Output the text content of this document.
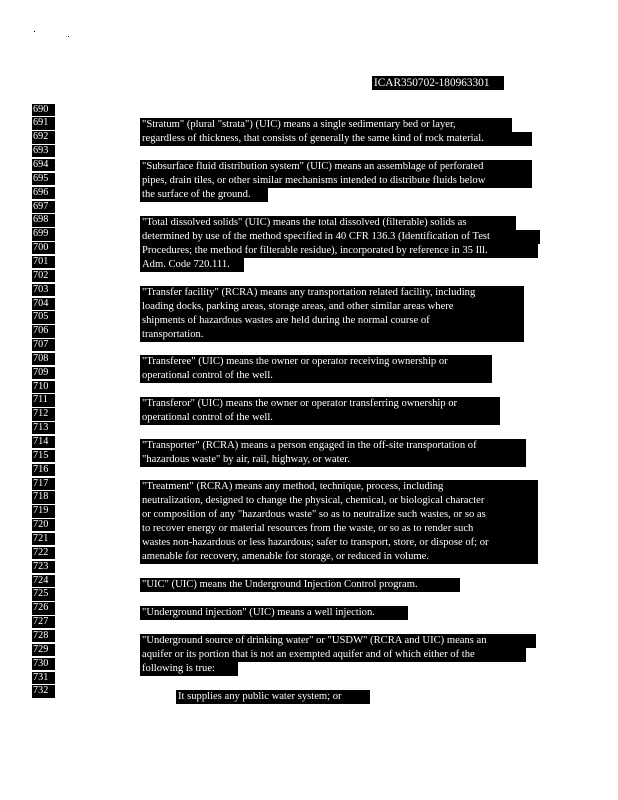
ICAR350702-180963301
690
691
692
693
694
695
696
697
698
699
700
701
702
703
704
705
706
707
708
709
710
711
712
713
714
715
716
717
718
719
720
721
722
723
724
725
726
727
728
729
730
731
732
"Stratum" (plural "strata") (UIC) means a single sedimentary bed or layer,
regardless of thickness, that consists of generally the same kind of rock material.
"Subsurface fluid distribution system" (UIC) means an assemblage of perforated
pipes, drain tiles, or other similar mechanisms intended to distribute fluids below
the surface of the ground.
"Total dissolved solids" (UIC) means the total dissolved (filterable) solids as
determined by use of the method specified in 40 CFR 136.3 (Identification of Test
Procedures; the method for filterable residue), incorporated by reference in 35 Ill.
Adm. Code 720.111.
"Transfer facility" (RCRA) means any transportation related facility, including
loading docks, parking areas, storage areas, and other similar areas where
shipments of hazardous wastes are held during the normal course of
transportation.
"Transferee" (UIC) means the owner or operator receiving ownership or
operational control of the well.
"Transferor" (UIC) means the owner or operator transferring ownership or
operational control of the well.
"Transporter" (RCRA) means a person engaged in the off-site transportation of
"hazardous waste" by air, rail, highway, or water.
"Treatment" (RCRA) means any method, technique, process, including
neutralization, designed to change the physical, chemical, or biological character
or composition of any "hazardous waste" so as to neutralize such wastes, or so as
to recover energy or material resources from the waste, or so as to render such
wastes non-hazardous or less hazardous; safer to transport, store, or dispose of; or
amenable for recovery, amenable for storage, or reduced in volume.
"UIC" (UIC) means the Underground Injection Control program.
"Underground injection" (UIC) means a well injection.
"Underground source of drinking water" or "USDW" (RCRA and UIC) means an
aquifer or its portion that is not an exempted aquifer and of which either of the
following is true:
It supplies any public water system; or
